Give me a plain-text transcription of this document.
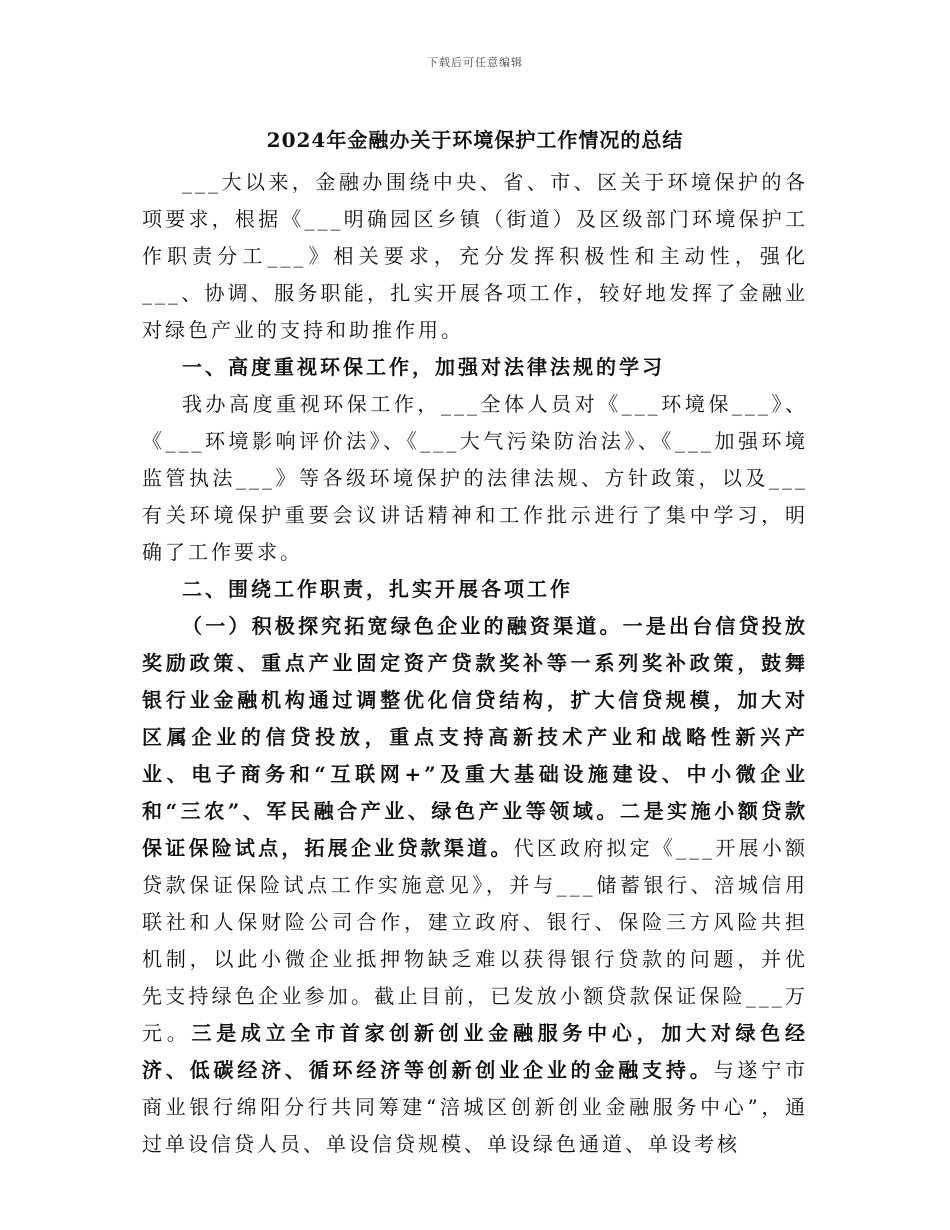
下载后可任意编辑
2024年金融办关于环境保护工作情况的总结

___大以来，金融办围绕中央、省、市、区关于环境保护的各项要求，根据《___明确园区乡镇（街道）及区级部门环境保护工作职责分工___》相关要求，充分发挥积极性和主动性，强化___、协调、服务职能，扎实开展各项工作，较好地发挥了金融业对绿色产业的支持和助推作用。

一、高度重视环保工作，加强对法律法规的学习

我办高度重视环保工作，___全体人员对《___环境保___》、《___环境影响评价法》、《___大气污染防治法》、《___加强环境监管执法___》等各级环境保护的法律法规、方针政策，以及___有关环境保护重要会议讲话精神和工作批示进行了集中学习，明确了工作要求。

二、围绕工作职责，扎实开展各项工作

（一）积极探究拓宽绿色企业的融资渠道。一是出台信贷投放奖励政策、重点产业固定资产贷款奖补等一系列奖补政策，鼓舞银行业金融机构通过调整优化信贷结构，扩大信贷规模，加大对区属企业的信贷投放，重点支持高新技术产业和战略性新兴产业、电子商务和“互联网+”及重大基础设施建设、中小微企业和“三农”、军民融合产业、绿色产业等领域。二是实施小额贷款保证保险试点，拓展企业贷款渠道。代区政府拟定《___开展小额贷款保证保险试点工作实施意见》，并与___储蓄银行、涪城信用联社和人保财险公司合作，建立政府、银行、保险三方风险共担机制，以此小微企业抵押物缺乏难以获得银行贷款的问题，并优先支持绿色企业参加。截止目前，已发放小额贷款保证保险___万元。三是成立全市首家创新创业金融服务中心，加大对绿色经济、低碳经济、循环经济等创新创业企业的金融支持。与遂宁市商业银行绵阳分行共同筹建“涪城区创新创业金融服务中心”，通过单设信贷人员、单设信贷规模、单设绿色通道、单设考核
